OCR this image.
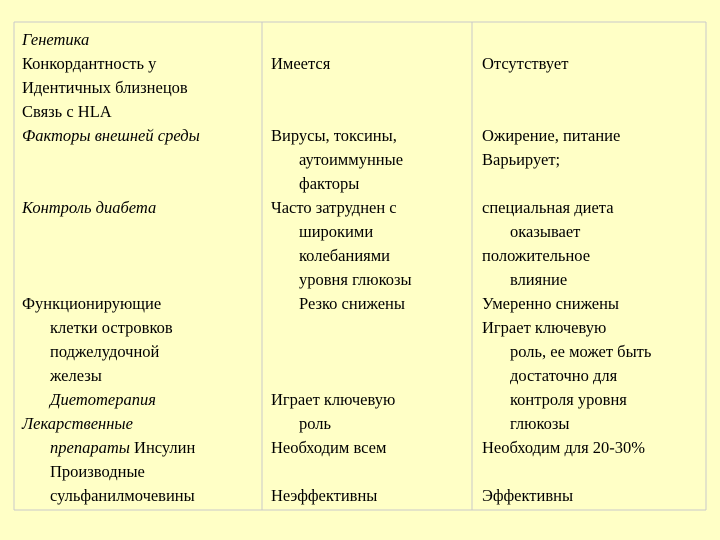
Генетика
Конкордантность у
Идентичных близнецов
Связь с HLA
Факторы внешней среды
Контроль диабета
Функционирующие
клетки островков
поджелудочной
железы
Диетотерапия
Лекарственные
препараты Инсулин
Производные
сульфанилмочевины
Имеется
Вирусы, токсины,
аутоиммунные
факторы
Часто затруднен с
широкими
колебаниями
уровня глюкозы
Резко снижены
Играет ключевую
роль
Необходим всем
Неэффективны
Отсутствует
Ожирение, питание
Варьирует;
специальная диета
оказывает
положительное
влияние
Умеренно снижены
Играет ключевую
роль, ее может быть
достаточно для
контроля уровня
глюкозы
Необходим для 20-30%
Эффективны
